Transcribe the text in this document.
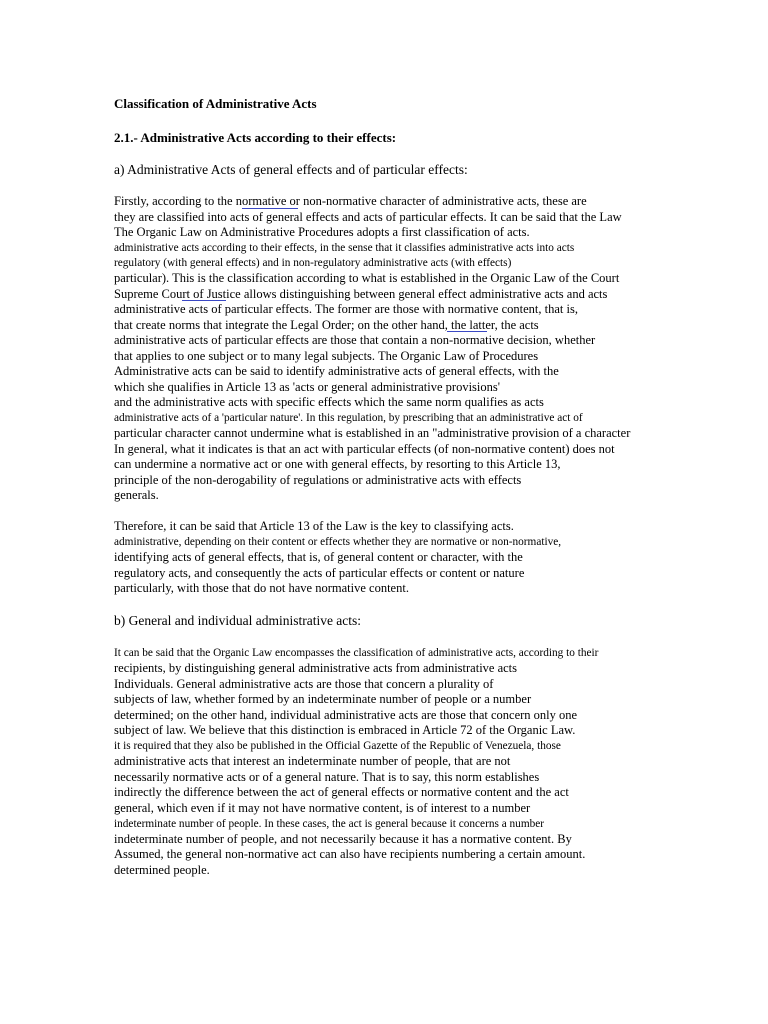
Classification of Administrative Acts
2.1.- Administrative Acts according to their effects:
a) Administrative Acts of general effects and of particular effects:
Firstly, according to the normative or non-normative character of administrative acts, these are
they are classified into acts of general effects and acts of particular effects. It can be said that the Law
The Organic Law on Administrative Procedures adopts a first classification of acts.
administrative acts according to their effects, in the sense that it classifies administrative acts into acts
regulatory (with general effects) and in non-regulatory administrative acts (with effects)
particular). This is the classification according to what is established in the Organic Law of the Court
Supreme Court of Justice allows distinguishing between general effect administrative acts and acts
administrative acts of particular effects. The former are those with normative content, that is,
that create norms that integrate the Legal Order; on the other hand, the latter, the acts
administrative acts of particular effects are those that contain a non-normative decision, whether
that applies to one subject or to many legal subjects. The Organic Law of Procedures
Administrative acts can be said to identify administrative acts of general effects, with the
which she qualifies in Article 13 as 'acts or general administrative provisions'
and the administrative acts with specific effects which the same norm qualifies as acts
administrative acts of a 'particular nature'. In this regulation, by prescribing that an administrative act of
particular character cannot undermine what is established in an "administrative provision of a character
In general, what it indicates is that an act with particular effects (of non-normative content) does not
can undermine a normative act or one with general effects, by resorting to this Article 13,
principle of the non-derogability of regulations or administrative acts with effects
generals.
Therefore, it can be said that Article 13 of the Law is the key to classifying acts.
administrative, depending on their content or effects whether they are normative or non-normative,
identifying acts of general effects, that is, of general content or character, with the
regulatory acts, and consequently the acts of particular effects or content or nature
particularly, with those that do not have normative content.
b) General and individual administrative acts:
It can be said that the Organic Law encompasses the classification of administrative acts, according to their
recipients, by distinguishing general administrative acts from administrative acts
Individuals. General administrative acts are those that concern a plurality of
subjects of law, whether formed by an indeterminate number of people or a number
determined; on the other hand, individual administrative acts are those that concern only one
subject of law. We believe that this distinction is embraced in Article 72 of the Organic Law.
it is required that they also be published in the Official Gazette of the Republic of Venezuela, those
administrative acts that interest an indeterminate number of people, that are not
necessarily normative acts or of a general nature. That is to say, this norm establishes
indirectly the difference between the act of general effects or normative content and the act
general, which even if it may not have normative content, is of interest to a number
indeterminate number of people. In these cases, the act is general because it concerns a number
indeterminate number of people, and not necessarily because it has a normative content. By
Assumed, the general non-normative act can also have recipients numbering a certain amount.
determined people.
